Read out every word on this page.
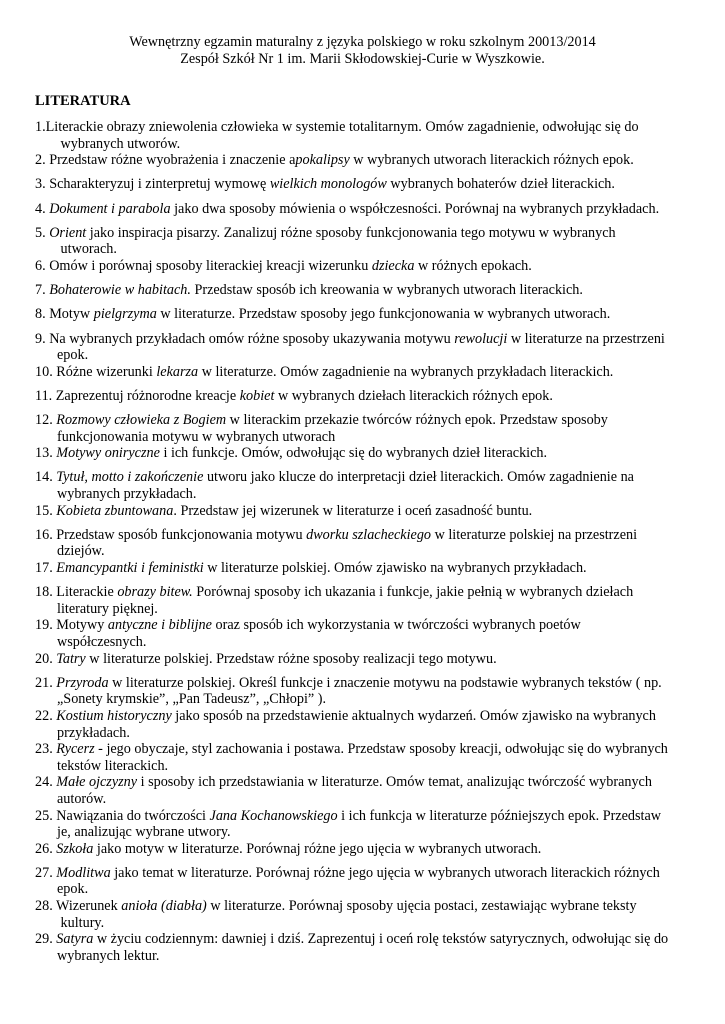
Wewnętrzny egzamin maturalny z języka polskiego w roku szkolnym 20013/2014
Zespół Szkół Nr 1 im. Marii Skłodowskiej-Curie w Wyszkowie.
LITERATURA
1.Literackie obrazy zniewolenia człowieka w systemie totalitarnym. Omów zagadnienie, odwołując się do
wybranych utworów.
2. Przedstaw różne wyobrażenia i znaczenie apokalipsy w wybranych utworach literackich różnych epok.
3. Scharakteryzuj i zinterpretuj wymowę wielkich monologów wybranych bohaterów dzieł literackich.
4. Dokument i parabola jako dwa sposoby mówienia o współczesności. Porównaj na wybranych przykładach.
5. Orient jako inspiracja pisarzy. Zanalizuj różne sposoby funkcjonowania tego motywu w wybranych
utworach.
6. Omów i porównaj sposoby literackiej kreacji wizerunku dziecka w różnych epokach.
7. Bohaterowie w habitach. Przedstaw sposób ich kreowania w wybranych utworach literackich.
8. Motyw pielgrzyma w literaturze. Przedstaw sposoby jego funkcjonowania w wybranych utworach.
9. Na wybranych przykładach omów różne sposoby ukazywania motywu rewolucji w literaturze na przestrzeni
epok.
10. Różne wizerunki lekarza w literaturze. Omów zagadnienie na wybranych przykładach literackich.
11. Zaprezentuj różnorodne kreacje kobiet w wybranych dziełach literackich różnych epok.
12. Rozmowy człowieka z Bogiem w literackim przekazie twórców różnych epok. Przedstaw sposoby
funkcjonowania motywu w wybranych utworach
13. Motywy oniryczne i ich funkcje. Omów, odwołując się do wybranych dzieł literackich.
14. Tytuł, motto i zakończenie utworu jako klucze do interpretacji dzieł literackich. Omów zagadnienie na
wybranych przykładach.
15. Kobieta zbuntowana. Przedstaw jej wizerunek w literaturze i oceń zasadność buntu.
16. Przedstaw sposób funkcjonowania motywu dworku szlacheckiego w literaturze polskiej na przestrzeni
dziejów.
17. Emancypantki i feministki w literaturze polskiej. Omów zjawisko na wybranych przykładach.
18. Literackie obrazy bitew. Porównaj sposoby ich ukazania i funkcje, jakie pełnią w wybranych dziełach
literatury pięknej.
19. Motywy antyczne i biblijne oraz sposób ich wykorzystania w twórczości wybranych poetów
współczesnych.
20. Tatry w literaturze polskiej. Przedstaw różne sposoby realizacji tego motywu.
21. Przyroda w literaturze polskiej. Określ funkcje i znaczenie motywu na podstawie wybranych tekstów ( np.
„Sonety krymskie”, „Pan Tadeusz”, „Chłopi” ).
22. Kostium historyczny jako sposób na przedstawienie aktualnych wydarzeń. Omów zjawisko na wybranych
przykładach.
23. Rycerz - jego obyczaje, styl zachowania i postawa. Przedstaw sposoby kreacji, odwołując się do wybranych
tekstów literackich.
24. Małe ojczyzny i sposoby ich przedstawiania w literaturze. Omów temat, analizując twórczość wybranych
autorów.
25. Nawiązania do twórczości Jana Kochanowskiego i ich funkcja w literaturze późniejszych epok. Przedstaw
je, analizując wybrane utwory.
26. Szkoła jako motyw w literaturze. Porównaj różne jego ujęcia w wybranych utworach.
27. Modlitwa jako temat w literaturze. Porównaj różne jego ujęcia w wybranych utworach literackich różnych
epok.
28. Wizerunek anioła (diabła) w literaturze. Porównaj sposoby ujęcia postaci, zestawiając wybrane teksty
kultury.
29. Satyra w życiu codziennym: dawniej i dziś. Zaprezentuj i oceń rolę tekstów satyrycznych, odwołując się do
wybranych lektur.
